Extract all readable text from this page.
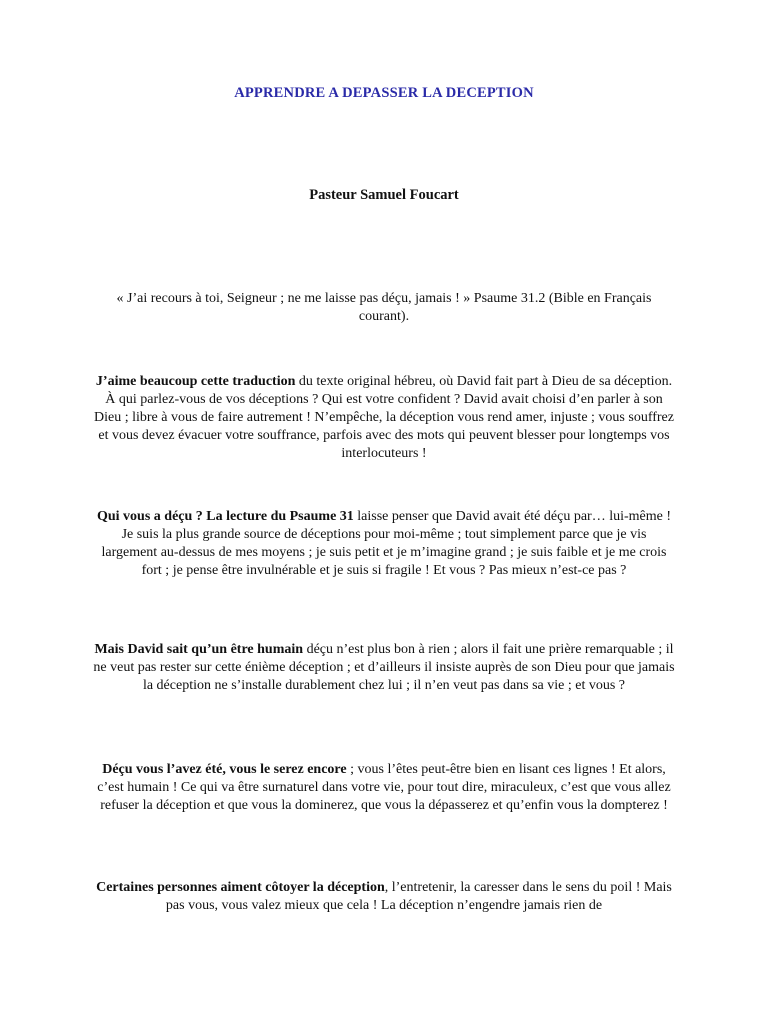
APPRENDRE A DEPASSER LA DECEPTION
Pasteur Samuel Foucart
« J’ai recours à toi, Seigneur ; ne me laisse pas déçu, jamais ! » Psaume 31.2 (Bible en Français courant).
J’aime beaucoup cette traduction du texte original hébreu, où David fait part à Dieu de sa déception. À qui parlez-vous de vos déceptions ? Qui est votre confident ? David avait choisi d’en parler à son Dieu ; libre à vous de faire autrement ! N’empêche, la déception vous rend amer, injuste ; vous souffrez et vous devez évacuer votre souffrance, parfois avec des mots qui peuvent blesser pour longtemps vos interlocuteurs !
Qui vous a déçu ? La lecture du Psaume 31 laisse penser que David avait été déçu par… lui-même ! Je suis la plus grande source de déceptions pour moi-même ; tout simplement parce que je vis largement au-dessus de mes moyens ; je suis petit et je m’imagine grand ; je suis faible et je me crois fort ; je pense être invulnérable et je suis si fragile ! Et vous ? Pas mieux n’est-ce pas ?
Mais David sait qu’un être humain déçu n’est plus bon à rien ; alors il fait une prière remarquable ; il ne veut pas rester sur cette énième déception ; et d’ailleurs il insiste auprès de son Dieu pour que jamais la déception ne s’installe durablement chez lui ; il n’en veut pas dans sa vie ; et vous ?
Déçu vous l’avez été, vous le serez encore ; vous l’êtes peut-être bien en lisant ces lignes ! Et alors, c’est humain ! Ce qui va être surnaturel dans votre vie, pour tout dire, miraculeux, c’est que vous allez refuser la déception et que vous la dominerez, que vous la dépasserez et qu’enfin vous la dompterez !
Certaines personnes aiment côtoyer la déception, l’entretenir, la caresser dans le sens du poil ! Mais pas vous, vous valez mieux que cela ! La déception n’engendre jamais rien de
